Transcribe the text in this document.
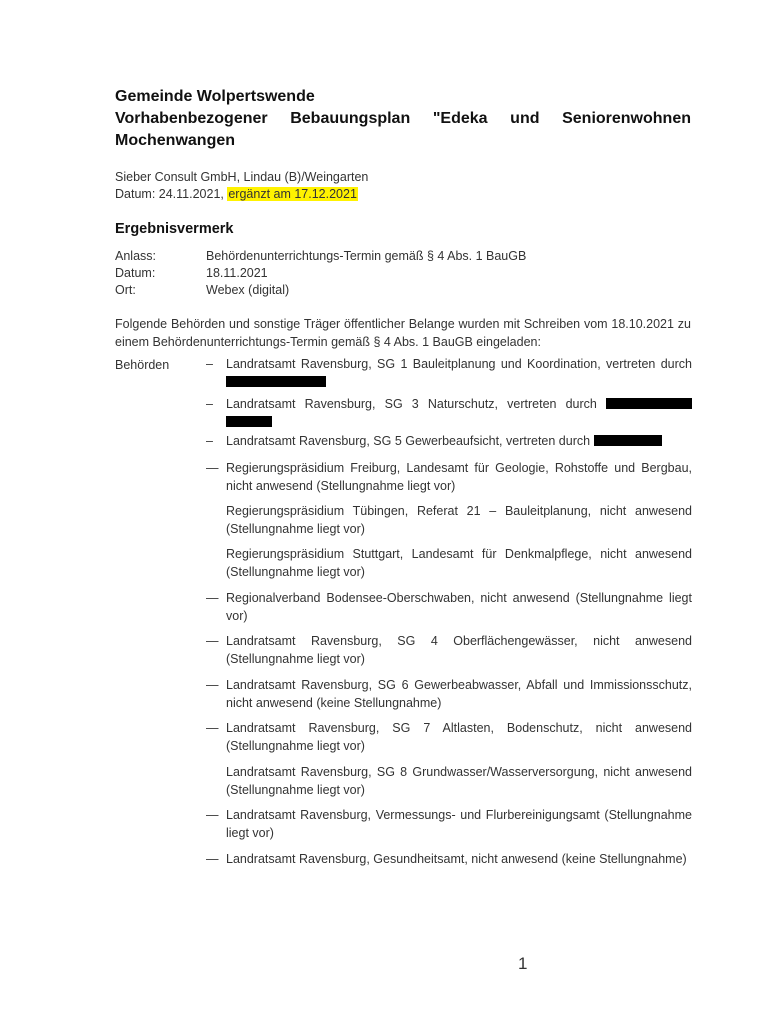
Gemeinde Wolpertswende
Vorhabenbezogener Bebauungsplan "Edeka und Seniorenwohnen
Mochenwangen
Sieber Consult GmbH, Lindau (B)/Weingarten
Datum: 24.11.2021, ergänzt am 17.12.2021
Ergebnisvermerk
Anlass:	Behördenunterrichtungs-Termin gemäß § 4 Abs. 1 BauGB
Datum:	18.11.2021
Ort:	Webex (digital)
Folgende Behörden und sonstige Träger öffentlicher Belange wurden mit Schreiben vom 18.10.2021 zu einem Behördenunterrichtungs-Termin gemäß § 4 Abs. 1 BauGB eingeladen:
Behörden	–	Landratsamt Ravensburg, SG 1 Bauleitplanung und Koordination, vertreten durch
–	Landratsamt Ravensburg, SG 3 Naturschutz, vertreten durch
–	Landratsamt Ravensburg, SG 5 Gewerbeaufsicht, vertreten durch
— Regierungspräsidium Freiburg, Landesamt für Geologie, Rohstoffe und Bergbau, nicht anwesend (Stellungnahme liegt vor)
Regierungspräsidium Tübingen, Referat 21 – Bauleitplanung, nicht anwesend (Stellungnahme liegt vor)
Regierungspräsidium Stuttgart, Landesamt für Denkmalpflege, nicht anwesend (Stellungnahme liegt vor)
— Regionalverband Bodensee-Oberschwaben, nicht anwesend (Stellungnahme liegt vor)
— Landratsamt Ravensburg, SG 4 Oberflächengewässer, nicht anwesend (Stellungnahme liegt vor)
— Landratsamt Ravensburg, SG 6 Gewerbeabwasser, Abfall und Immissionsschutz, nicht anwesend (keine Stellungnahme)
— Landratsamt Ravensburg, SG 7 Altlasten, Bodenschutz, nicht anwesend (Stellungnahme liegt vor)
Landratsamt Ravensburg, SG 8 Grundwasser/Wasserversorgung, nicht anwesend (Stellungnahme liegt vor)
— Landratsamt Ravensburg, Vermessungs- und Flurbereinigungsamt (Stellungnahme liegt vor)
— Landratsamt Ravensburg, Gesundheitsamt, nicht anwesend (keine Stellungnahme)
1
